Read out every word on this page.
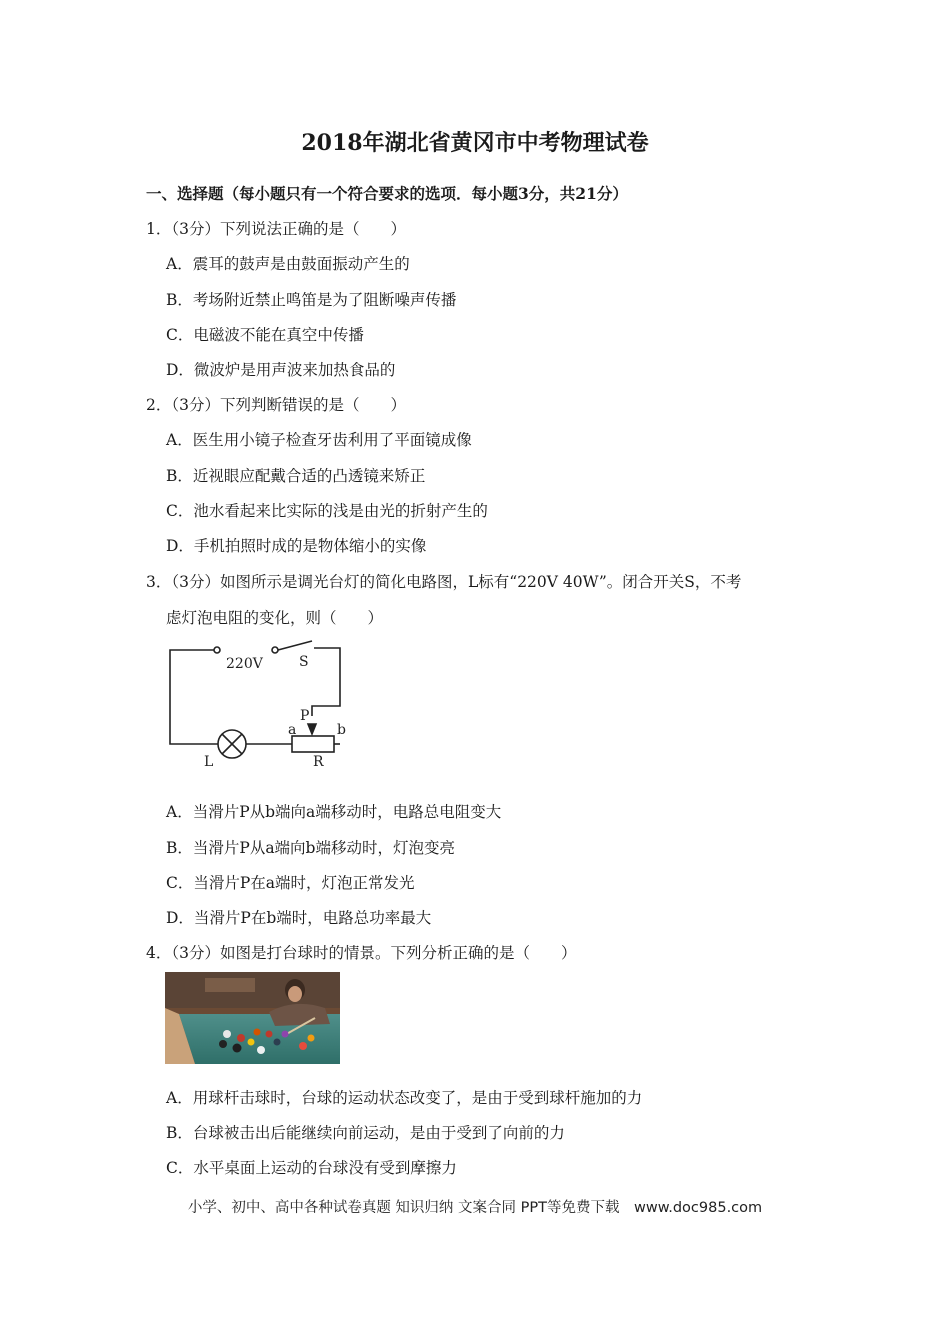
2018年湖北省黄冈市中考物理试卷
一、选择题（每小题只有一个符合要求的选项．每小题3分，共21分）
1．（3分）下列说法正确的是（　　）
A．震耳的鼓声是由鼓面振动产生的
B．考场附近禁止鸣笛是为了阻断噪声传播
C．电磁波不能在真空中传播
D．微波炉是用声波来加热食品的
2．（3分）下列判断错误的是（　　）
A．医生用小镜子检查牙齿利用了平面镜成像
B．近视眼应配戴合适的凸透镜来矫正
C．池水看起来比实际的浅是由光的折射产生的
D．手机拍照时成的是物体缩小的实像
3．（3分）如图所示是调光台灯的简化电路图，L标有“220V 40W”。闭合开关S，不考
虑灯泡电阻的变化，则（　　）
220V	S
P
a	b
L	R
A．当滑片P从b端向a端移动时，电路总电阻变大
B．当滑片P从a端向b端移动时，灯泡变亮
C．当滑片P在a端时，灯泡正常发光
D．当滑片P在b端时，电路总功率最大
4．（3分）如图是打台球时的情景。下列分析正确的是（　　）
A．用球杆击球时，台球的运动状态改变了，是由于受到球杆施加的力
B．台球被击出后能继续向前运动，是由于受到了向前的力
C．水平桌面上运动的台球没有受到摩擦力
小学、初中、高中各种试卷真题 知识归纳 文案合同 PPT等免费下载　www.doc985.com
